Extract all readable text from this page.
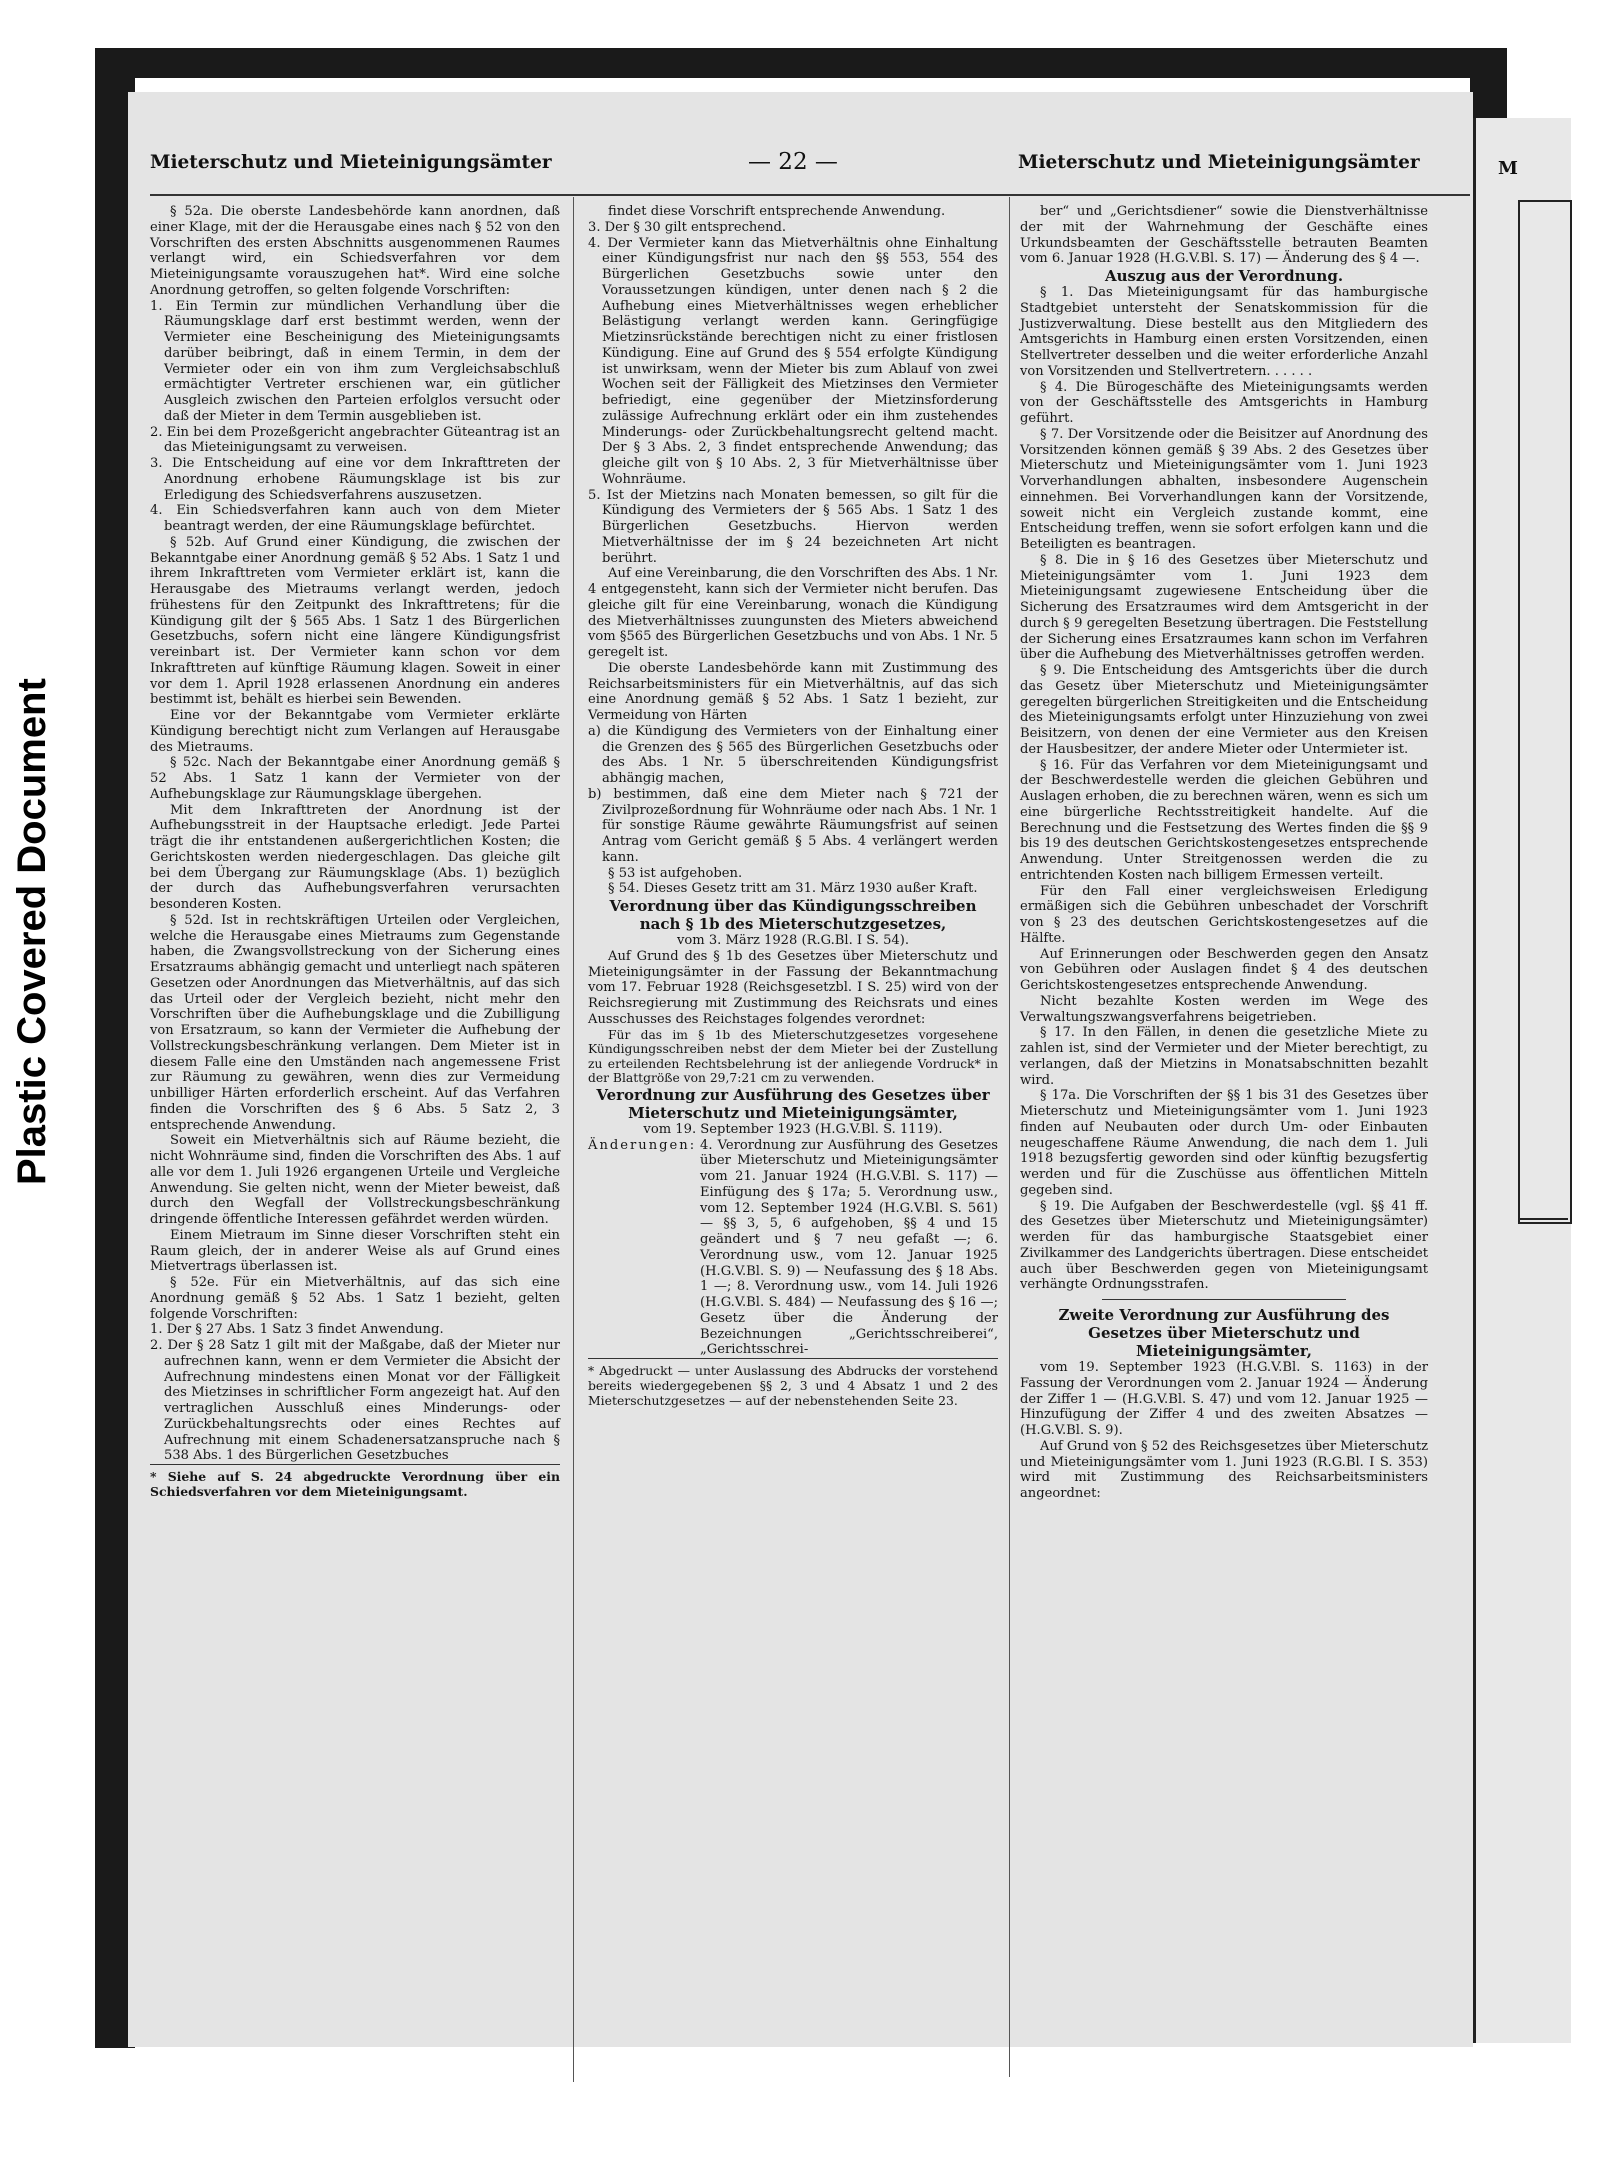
Plastic Covered Document
M
Mieterschutz und Mieteinigungsämter	— 22 —	Mieterschutz und Mieteinigungsämter

§ 52a. Die oberste Landesbehörde kann anordnen, daß einer Klage, mit der die Herausgabe eines nach § 52 von den Vorschriften des ersten Abschnitts ausgenommenen Raumes verlangt wird, ein Schiedsverfahren vor dem Mieteinigungsamte vorauszugehen hat*. Wird eine solche Anordnung getroffen, so gelten folgende Vorschriften:

1. Ein Termin zur mündlichen Verhandlung über die Räumungsklage darf erst bestimmt werden, wenn der Vermieter eine Bescheinigung des Mieteinigungsamts darüber beibringt, daß in einem Termin, in dem der Vermieter oder ein von ihm zum Vergleichsabschluß ermächtigter Vertreter erschienen war, ein gütlicher Ausgleich zwischen den Parteien erfolglos versucht oder daß der Mieter in dem Termin ausgeblieben ist.

2. Ein bei dem Prozeßgericht angebrachter Güteantrag ist an das Mieteinigungsamt zu verweisen.

3. Die Entscheidung auf eine vor dem Inkrafttreten der Anordnung erhobene Räumungsklage ist bis zur Erledigung des Schiedsverfahrens auszusetzen.

4. Ein Schiedsverfahren kann auch von dem Mieter beantragt werden, der eine Räumungsklage befürchtet.

§ 52b. Auf Grund einer Kündigung, die zwischen der Bekanntgabe einer Anordnung gemäß § 52 Abs. 1 Satz 1 und ihrem Inkrafttreten vom Vermieter erklärt ist, kann die Herausgabe des Mietraums verlangt werden, jedoch frühestens für den Zeitpunkt des Inkrafttretens; für die Kündigung gilt der § 565 Abs. 1 Satz 1 des Bürgerlichen Gesetzbuchs, sofern nicht eine längere Kündigungsfrist vereinbart ist. Der Vermieter kann schon vor dem Inkrafttreten auf künftige Räumung klagen. Soweit in einer vor dem 1. April 1928 erlassenen Anordnung ein anderes bestimmt ist, behält es hierbei sein Bewenden.

Eine vor der Bekanntgabe vom Vermieter erklärte Kündigung berechtigt nicht zum Verlangen auf Herausgabe des Mietraums.

§ 52c. Nach der Bekanntgabe einer Anordnung gemäß § 52 Abs. 1 Satz 1 kann der Vermieter von der Aufhebungsklage zur Räumungsklage übergehen.

Mit dem Inkrafttreten der Anordnung ist der Aufhebungsstreit in der Hauptsache erledigt. Jede Partei trägt die ihr entstandenen außergerichtlichen Kosten; die Gerichtskosten werden niedergeschlagen. Das gleiche gilt bei dem Übergang zur Räumungsklage (Abs. 1) bezüglich der durch das Aufhebungsverfahren verursachten besonderen Kosten.

§ 52d. Ist in rechtskräftigen Urteilen oder Vergleichen, welche die Herausgabe eines Mietraums zum Gegenstande haben, die Zwangsvollstreckung von der Sicherung eines Ersatzraums abhängig gemacht und unterliegt nach späteren Gesetzen oder Anordnungen das Mietverhältnis, auf das sich das Urteil oder der Vergleich bezieht, nicht mehr den Vorschriften über die Aufhebungsklage und die Zubilligung von Ersatzraum, so kann der Vermieter die Aufhebung der Vollstreckungsbeschränkung verlangen. Dem Mieter ist in diesem Falle eine den Umständen nach angemessene Frist zur Räumung zu gewähren, wenn dies zur Vermeidung unbilliger Härten erforderlich erscheint. Auf das Verfahren finden die Vorschriften des § 6 Abs. 5 Satz 2, 3 entsprechende Anwendung.

Soweit ein Mietverhältnis sich auf Räume bezieht, die nicht Wohnräume sind, finden die Vorschriften des Abs. 1 auf alle vor dem 1. Juli 1926 ergangenen Urteile und Vergleiche Anwendung. Sie gelten nicht, wenn der Mieter beweist, daß durch den Wegfall der Vollstreckungsbeschränkung dringende öffentliche Interessen gefährdet werden würden.

Einem Mietraum im Sinne dieser Vorschriften steht ein Raum gleich, der in anderer Weise als auf Grund eines Mietvertrags überlassen ist.

§ 52e. Für ein Mietverhältnis, auf das sich eine Anordnung gemäß § 52 Abs. 1 Satz 1 bezieht, gelten folgende Vorschriften:

1. Der § 27 Abs. 1 Satz 3 findet Anwendung.

2. Der § 28 Satz 1 gilt mit der Maßgabe, daß der Mieter nur aufrechnen kann, wenn er dem Vermieter die Absicht der Aufrechnung mindestens einen Monat vor der Fälligkeit des Mietzinses in schriftlicher Form angezeigt hat. Auf den vertraglichen Ausschluß eines Minderungs- oder Zurückbehaltungsrechts oder eines Rechtes auf Aufrechnung mit einem Schadenersatzanspruche nach § 538 Abs. 1 des Bürgerlichen Gesetzbuches

* Siehe auf S. 24 abgedruckte Verordnung über ein Schiedsverfahren vor dem Mieteinigungsamt.

findet diese Vorschrift entsprechende Anwendung.

3. Der § 30 gilt entsprechend.

4. Der Vermieter kann das Mietverhältnis ohne Einhaltung einer Kündigungsfrist nur nach den §§ 553, 554 des Bürgerlichen Gesetzbuchs sowie unter den Voraussetzungen kündigen, unter denen nach § 2 die Aufhebung eines Mietverhältnisses wegen erheblicher Belästigung verlangt werden kann. Geringfügige Mietzinsrückstände berechtigen nicht zu einer fristlosen Kündigung. Eine auf Grund des § 554 erfolgte Kündigung ist unwirksam, wenn der Mieter bis zum Ablauf von zwei Wochen seit der Fälligkeit des Mietzinses den Vermieter befriedigt, eine gegenüber der Mietzinsforderung zulässige Aufrechnung erklärt oder ein ihm zustehendes Minderungs- oder Zurückbehaltungsrecht geltend macht. Der § 3 Abs. 2, 3 findet entsprechende Anwendung; das gleiche gilt von § 10 Abs. 2, 3 für Mietverhältnisse über Wohnräume.

5. Ist der Mietzins nach Monaten bemessen, so gilt für die Kündigung des Vermieters der § 565 Abs. 1 Satz 1 des Bürgerlichen Gesetzbuchs. Hiervon werden Mietverhältnisse der im § 24 bezeichneten Art nicht berührt.

Auf eine Vereinbarung, die den Vorschriften des Abs. 1 Nr. 4 entgegensteht, kann sich der Vermieter nicht berufen. Das gleiche gilt für eine Vereinbarung, wonach die Kündigung des Mietverhältnisses zuungunsten des Mieters abweichend vom §565 des Bürgerlichen Gesetzbuchs und von Abs. 1 Nr. 5 geregelt ist.

Die oberste Landesbehörde kann mit Zustimmung des Reichsarbeitsministers für ein Mietverhältnis, auf das sich eine Anordnung gemäß § 52 Abs. 1 Satz 1 bezieht, zur Vermeidung von Härten

a) die Kündigung des Vermieters von der Einhaltung einer die Grenzen des § 565 des Bürgerlichen Gesetzbuchs oder des Abs. 1 Nr. 5 überschreitenden Kündigungsfrist abhängig machen,

b) bestimmen, daß eine dem Mieter nach § 721 der Zivilprozeßordnung für Wohnräume oder nach Abs. 1 Nr. 1 für sonstige Räume gewährte Räumungsfrist auf seinen Antrag vom Gericht gemäß § 5 Abs. 4 verlängert werden kann.

§ 53 ist aufgehoben.

§ 54. Dieses Gesetz tritt am 31. März 1930 außer Kraft.

Verordnung über das Kündigungsschreiben nach § 1b des Mieterschutzgesetzes,

vom 3. März 1928 (R.G.Bl. I S. 54).

Auf Grund des § 1b des Gesetzes über Mieterschutz und Mieteinigungsämter in der Fassung der Bekanntmachung vom 17. Februar 1928 (Reichsgesetzbl. I S. 25) wird von der Reichsregierung mit Zustimmung des Reichsrats und eines Ausschusses des Reichstages folgendes verordnet:

Für das im § 1b des Mieterschutzgesetzes vorgesehene Kündigungsschreiben nebst der dem Mieter bei der Zustellung zu erteilenden Rechtsbelehrung ist der anliegende Vordruck* in der Blattgröße von 29,7:21 cm zu verwenden.

Verordnung zur Ausführung des Gesetzes über Mieterschutz und Mieteinigungsämter,

vom 19. September 1923 (H.G.V.Bl. S. 1119).

Änderungen: 4. Verordnung zur Ausführung des Gesetzes über Mieterschutz und Mieteinigungsämter vom 21. Januar 1924 (H.G.V.Bl. S. 117) — Einfügung des § 17a; 5. Verordnung usw., vom 12. September 1924 (H.G.V.Bl. S. 561) — §§ 3, 5, 6 aufgehoben, §§ 4 und 15 geändert und § 7 neu gefaßt —; 6. Verordnung usw., vom 12. Januar 1925 (H.G.V.Bl. S. 9) — Neufassung des § 18 Abs. 1 —; 8. Verordnung usw., vom 14. Juli 1926 (H.G.V.Bl. S. 484) — Neufassung des § 16 —; Gesetz über die Änderung der Bezeichnungen „Gerichtsschreiberei“, „Gerichtsschrei-

* Abgedruckt — unter Auslassung des Abdrucks der vorstehend bereits wiedergegebenen §§ 2, 3 und 4 Absatz 1 und 2 des Mieterschutzgesetzes — auf der nebenstehenden Seite 23.

ber“ und „Gerichtsdiener“ sowie die Dienstverhältnisse der mit der Wahrnehmung der Geschäfte eines Urkundsbeamten der Geschäftsstelle betrauten Beamten vom 6. Januar 1928 (H.G.V.Bl. S. 17) — Änderung des § 4 —.

Auszug aus der Verordnung.

§ 1. Das Mieteinigungsamt für das hamburgische Stadtgebiet untersteht der Senatskommission für die Justizverwaltung. Diese bestellt aus den Mitgliedern des Amtsgerichts in Hamburg einen ersten Vorsitzenden, einen Stellvertreter desselben und die weiter erforderliche Anzahl von Vorsitzenden und Stellvertretern. . . . . .

§ 4. Die Bürogeschäfte des Mieteinigungsamts werden von der Geschäftsstelle des Amtsgerichts in Hamburg geführt.

§ 7. Der Vorsitzende oder die Beisitzer auf Anordnung des Vorsitzenden können gemäß § 39 Abs. 2 des Gesetzes über Mieterschutz und Mieteinigungsämter vom 1. Juni 1923 Vorverhandlungen abhalten, insbesondere Augenschein einnehmen. Bei Vorverhandlungen kann der Vorsitzende, soweit nicht ein Vergleich zustande kommt, eine Entscheidung treffen, wenn sie sofort erfolgen kann und die Beteiligten es beantragen.

§ 8. Die in § 16 des Gesetzes über Mieterschutz und Mieteinigungsämter vom 1. Juni 1923 dem Mieteinigungsamt zugewiesene Entscheidung über die Sicherung des Ersatzraumes wird dem Amtsgericht in der durch § 9 geregelten Besetzung übertragen. Die Feststellung der Sicherung eines Ersatzraumes kann schon im Verfahren über die Aufhebung des Mietverhältnisses getroffen werden.

§ 9. Die Entscheidung des Amtsgerichts über die durch das Gesetz über Mieterschutz und Mieteinigungsämter geregelten bürgerlichen Streitigkeiten und die Entscheidung des Mieteinigungsamts erfolgt unter Hinzuziehung von zwei Beisitzern, von denen der eine Vermieter aus den Kreisen der Hausbesitzer, der andere Mieter oder Untermieter ist.

§ 16. Für das Verfahren vor dem Mieteinigungsamt und der Beschwerdestelle werden die gleichen Gebühren und Auslagen erhoben, die zu berechnen wären, wenn es sich um eine bürgerliche Rechtsstreitigkeit handelte. Auf die Berechnung und die Festsetzung des Wertes finden die §§ 9 bis 19 des deutschen Gerichtskostengesetzes entsprechende Anwendung. Unter Streitgenossen werden die zu entrichtenden Kosten nach billigem Ermessen verteilt.

Für den Fall einer vergleichsweisen Erledigung ermäßigen sich die Gebühren unbeschadet der Vorschrift von § 23 des deutschen Gerichtskostengesetzes auf die Hälfte.

Auf Erinnerungen oder Beschwerden gegen den Ansatz von Gebühren oder Auslagen findet § 4 des deutschen Gerichtskostengesetzes entsprechende Anwendung.

Nicht bezahlte Kosten werden im Wege des Verwaltungszwangsverfahrens beigetrieben.

§ 17. In den Fällen, in denen die gesetzliche Miete zu zahlen ist, sind der Vermieter und der Mieter berechtigt, zu verlangen, daß der Mietzins in Monatsabschnitten bezahlt wird.

§ 17a. Die Vorschriften der §§ 1 bis 31 des Gesetzes über Mieterschutz und Mieteinigungsämter vom 1. Juni 1923 finden auf Neubauten oder durch Um- oder Einbauten neugeschaffene Räume Anwendung, die nach dem 1. Juli 1918 bezugsfertig geworden sind oder künftig bezugsfertig werden und für die Zuschüsse aus öffentlichen Mitteln gegeben sind.

§ 19. Die Aufgaben der Beschwerdestelle (vgl. §§ 41 ff. des Gesetzes über Mieterschutz und Mieteinigungsämter) werden für das hamburgische Staatsgebiet einer Zivilkammer des Landgerichts übertragen. Diese entscheidet auch über Beschwerden gegen von Mieteinigungsamt verhängte Ordnungsstrafen.

Zweite Verordnung zur Ausführung des Gesetzes über Mieterschutz und Mieteinigungsämter,

vom 19. September 1923 (H.G.V.Bl. S. 1163) in der Fassung der Verordnungen vom 2. Januar 1924 — Änderung der Ziffer 1 — (H.G.V.Bl. S. 47) und vom 12. Januar 1925 — Hinzufügung der Ziffer 4 und des zweiten Absatzes — (H.G.V.Bl. S. 9).

Auf Grund von § 52 des Reichsgesetzes über Mieterschutz und Mieteinigungsämter vom 1. Juni 1923 (R.G.Bl. I S. 353) wird mit Zustimmung des Reichsarbeitsministers angeordnet:
